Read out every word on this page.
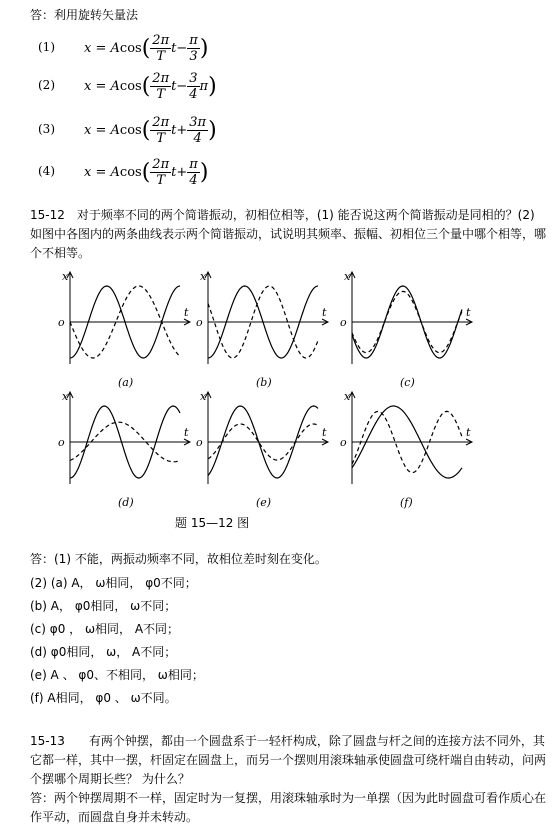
答：利用旋转矢量法
(1) x
=
A cos ( $\frac{2\pi}{T}$ $t - \frac{\pi}{3}$ )
(2) x
=
A cos ( $\frac{2\pi}{T}$ $t - \frac{3}{4}$ π )
(3) x
=
A cos ( $\frac{2\pi}{T}$ $t + \frac{3\pi}{4}$ )
(4) x
=
A cos ( $\frac{2\pi}{T}$ $t + \frac{\pi}{4}$ )
15-12　对于频率不同的两个简谐振动，初相位相等，(1) 能否说这两个简谐振动是同相的？(2) 如图中各图内的两条曲线表示两个简谐振动，试说明其频率、振幅、初相位三个量中哪个相等，哪个不相等。
x
t
o
(a)
x
t
o
(b)
x
t
o
(c)
x
t
o
(d)
x
t
o
(e)
x
t
o
(f)
题 15—12 图
答：(1) 不能，两振动频率不同，故相位差时刻在变化。
(2) (a) A， ω相同， φ0不同；
(b) A， φ0相同， ω不同；
(c) φ0 ， ω相同， A不同；
(d) φ0相同， ω， A不同；
(e) A 、 φ0、不相同， ω相同；
(f) A相同， φ0 、 ω不同。
15-13　　有两个钟摆，都由一个圆盘系于一轻杆构成，除了圆盘与杆之间的连接方法不同外，其它都一样，其中一摆，杆固定在圆盘上，而另一个摆则用滚珠轴承使圆盘可绕杆端自由转动，问两个摆哪个周期长些？ 为什么？
答：两个钟摆周期不一样，固定时为一复摆，用滚珠轴承时为一单摆（因为此时圆盘可看作质心在作平动，而圆盘自身并未转动。
